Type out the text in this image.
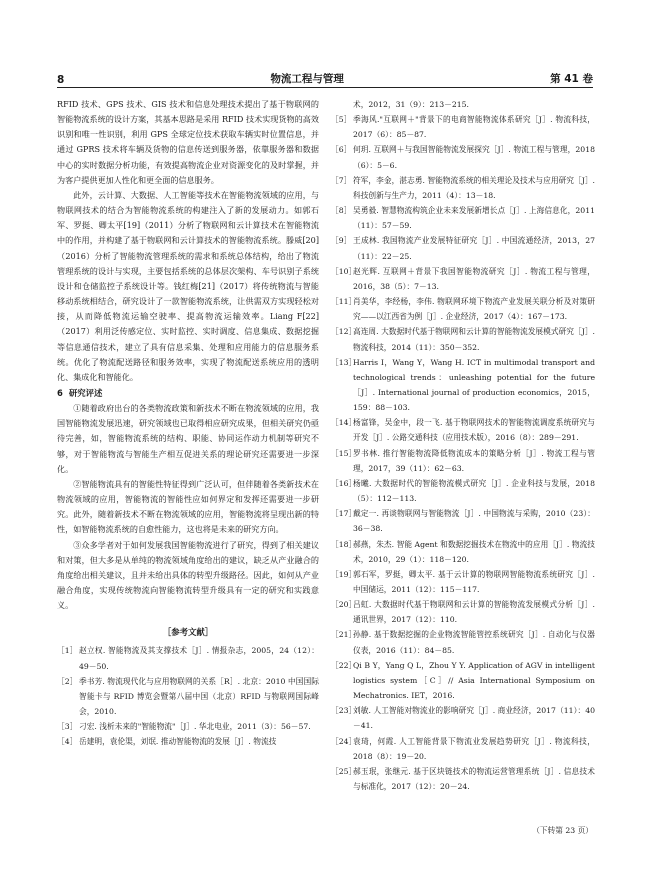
8	物流工程与管理	第 41 卷

RFID 技术、GPS 技术、GIS 技术和信息处理技术提出了基于物联网的智能物流系统的设计方案，其基本思路是采用 RFID 技术实现货物的高效识别和唯一性识别，利用 GPS 全球定位技术获取车辆实时位置信息，并通过 GPRS 技术将车辆及货物的信息传送到服务器，依靠服务器和数据中心的实时数据分析功能，有效提高物流企业对资源变化的及时掌握，并为客户提供更加人性化和更全面的信息服务。

此外，云计算、大数据、人工智能等技术在智能物流领域的应用，与物联网技术的结合为智能物流系统的构建注入了新的发展动力。如郭石军、罗挺、卿太平[19]（2011）分析了物联网和云计算技术在智能物流中的作用，并构建了基于物联网和云计算技术的智能物流系统。滕威[20]（2016）分析了智能物流管理系统的需求和系统总体结构，给出了物流管理系统的设计与实现，主要包括系统的总体层次架构、车号识别子系统设计和仓储监控子系统设计等。钱红梅[21]（2017）将传统物流与智能移动系统相结合，研究设计了一款智能物流系统，让供需双方实现轻松对接，从而降低物流运输空驶率、提高物流运输效率。Liang F[22]（2017）利用泛传感定位、实时监控、实时调度、信息集成、数据挖掘等信息通信技术，建立了具有信息采集、处理和应用能力的信息服务系统。优化了物流配送路径和服务效率，实现了物流配送系统应用的透明化、集成化和智能化。

6 研究评述

①随着政府出台的各类物流政策和新技术不断在物流领域的应用，我国智能物流发展迅速，研究领域也已取得相应研究成果，但相关研究仍亟待完善，如，智能物流系统的结构、职能、协同运作动力机制等研究不够，对于智能物流与智能生产相互促进关系的理论研究还需要进一步深化。

②智能物流具有的智能性特征得到广泛认可，但伴随着各类新技术在物流领域的应用，智能物流的智能性应如何界定和发挥还需要进一步研究。此外，随着新技术不断在物流领域的应用，智能物流将呈现出新的特性，如智能物流系统的自愈性能力，这也将是未来的研究方向。

③众多学者对于如何发展我国智能物流进行了研究，得到了相关建议和对策，但大多是从单纯的物流领域角度给出的建议，缺乏从产业融合的角度给出相关建议，且并未给出具体的转型升级路径。因此，如何从产业融合角度，实现传统物流向智能物流转型升级具有一定的研究和实践意义。

［参考文献］
［1］ 赵立权. 智能物流及其支撑技术［J］. 情报杂志，2005，24（12）：49－50.
［2］ 季书芳. 物流现代化与应用物联网的关系［R］. 北京：2010 中国国际智能卡与 RFID 博览会暨第八届中国（北京）RFID 与物联网国际峰会，2010.
［3］ 刁宏. 浅析未来的"智能物流"［J］. 华北电业，2011（3）：56－57.
［4］ 岳建明，袁伦渠，刘氓. 推动智能物流的发展［J］. 物流技
术，2012，31（9）：213－215.
［5］ 季海风."互联网＋"背景下的电商智能物流体系研究［J］. 物流科技，2017（6）：85－87.
［6］ 何玥. 互联网＋与我国智能物流发展探究［J］. 物流工程与管理，2018（6）：5－6.
［7］ 符军，李金，湛志勇. 智能物流系统的相关理论及技术与应用研究［J］. 科技创新与生产力，2011（4）：13－18.
［8］ 吴勇毅. 智慧物流构筑企业未来发展新增长点［J］. 上海信息化，2011（11）：57－59.
［9］ 王成林. 我国物流产业发展特征研究［J］. 中国流通经济，2013，27（11）：22－25.
［10］
赵光辉. 互联网＋背景下我国智能物流研究［J］. 物流工程与管理，2016，38（5）：7－13.
［11］
肖美华，李经杨，李伟. 物联网环境下物流产业发展关联分析及对策研究——以江西省为例［J］. 企业经济，2017（4）：167－173.
［12］
高连周. 大数据时代基于物联网和云计算的智能物流发展模式研究［J］. 物流科技，2014（11）：350－352.
［13］
Harris I，Wang Y，Wang H. ICT in multimodal transport and technological trends：unleashing potential for the future［J］. International journal of production economics，2015，159：88－103.
［14］
杨富锋，吴金中，段一飞. 基于物联网技术的智能物流调度系统研究与开发［J］. 公路交通科技（应用技术版），2016（8）：289－291.
［15］
罗书林. 推行智能物流降低物流成本的策略分析［J］. 物流工程与管理，2017，39（11）：62－63.
［16］
杨曦. 大数据时代的智能物流模式研究［J］. 企业科技与发展，2018（5）：112－113.
［17］
戴定一. 再谈物联网与智能物流［J］. 中国物流与采购，2010（23）：36－38.
［18］
郝燕，朱杰. 智能 Agent 和数据挖掘技术在物流中的应用［J］. 物流技术，2010，29（1）：118－120.
［19］
郭石军，罗挺，卿太平. 基于云计算的物联网智能物流系统研究［J］. 中国储运，2011（12）：115－117.
［20］
吕虹. 大数据时代基于物联网和云计算的智能物流发展模式分析［J］. 通讯世界，2017（12）：110.
［21］
孙静. 基于数据挖掘的企业物流智能管控系统研究［J］. 自动化与仪器仪表，2016（11）：84－85.
［22］
Qi B Y，Yang Q L，Zhou Y Y. Application of AGV in intelligent logistics system［C］// Asia International Symposium on Mechatronics. IET，2016.
［23］
刘敏. 人工智能对物流业的影响研究［J］. 商业经济，2017（11）：40－41.
［24］
袁琦，何霞. 人工智能背景下物流业发展趋势研究［J］. 物流科技，2018（8）：19－20.
［25］
郝玉珉，张继元. 基于区块链技术的物流运营管理系统［J］. 信息技术与标准化，2017（12）：20－24.
（下转第 23 页）
